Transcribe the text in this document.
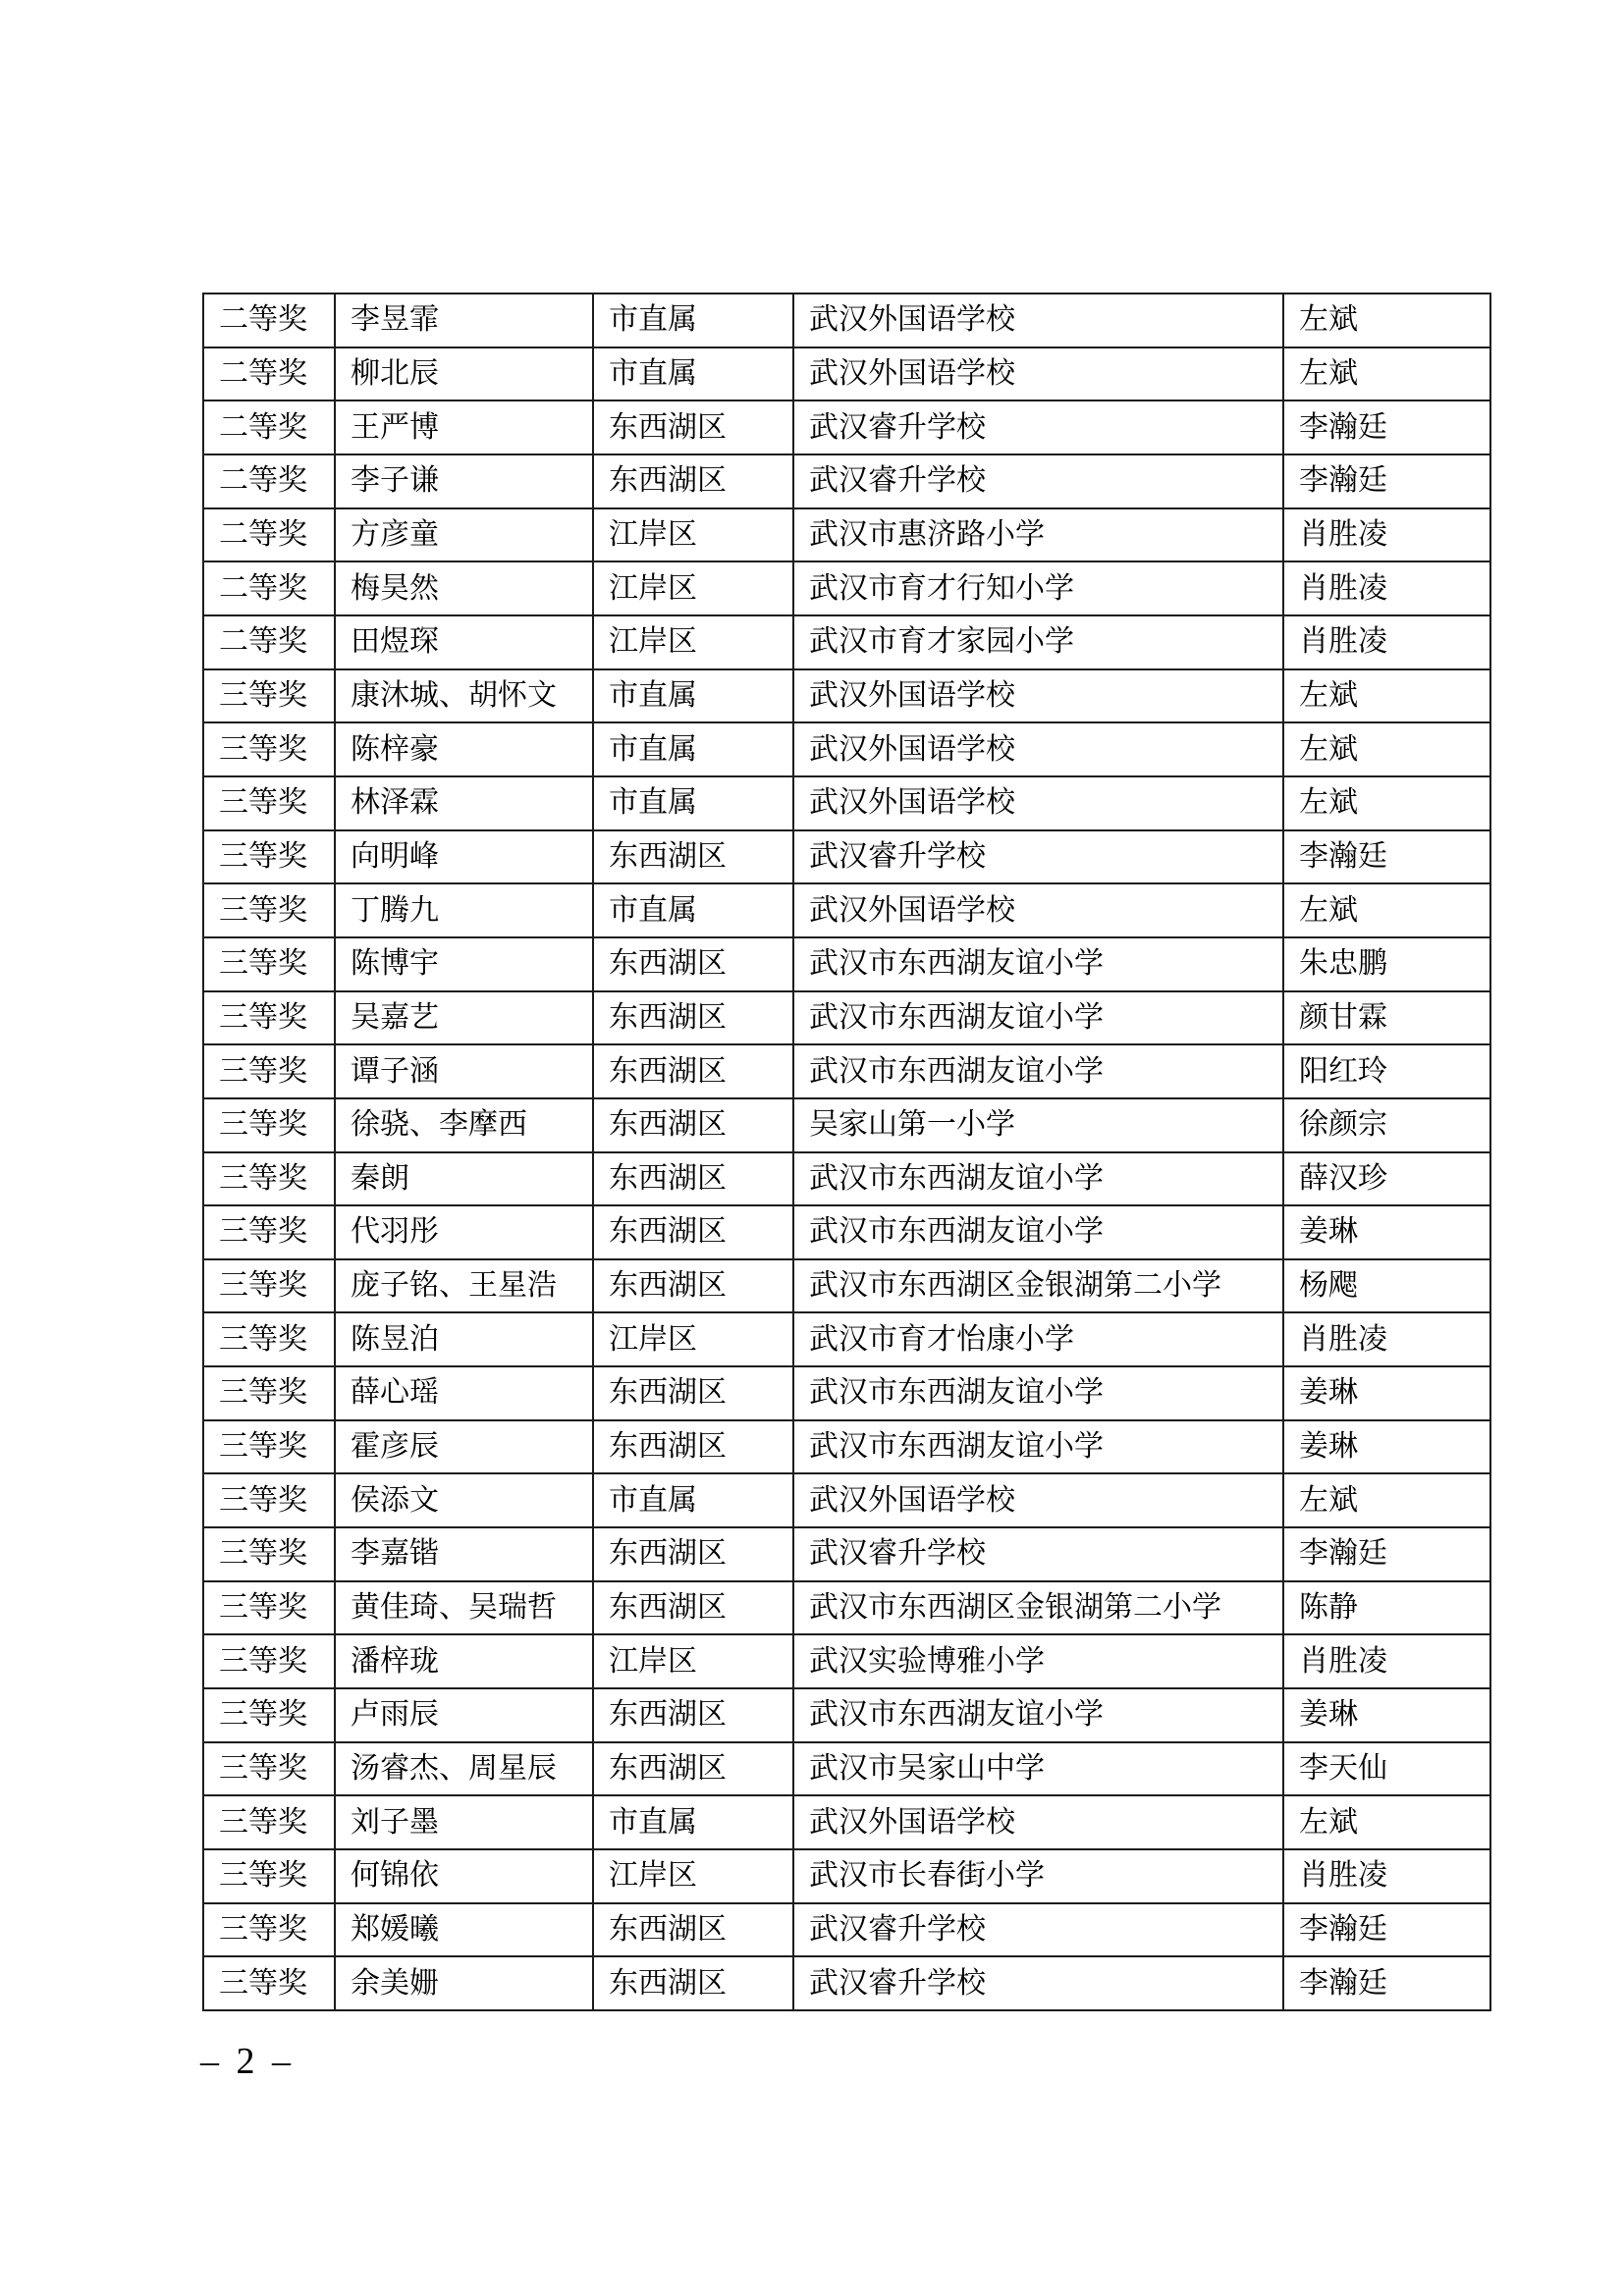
二等奖	李昱霏	市直属	武汉外国语学校	左斌
二等奖	柳北辰	市直属	武汉外国语学校	左斌
二等奖	王严博	东西湖区	武汉睿升学校	李瀚廷
二等奖	李子谦	东西湖区	武汉睿升学校	李瀚廷
二等奖	方彦童	江岸区	武汉市惠济路小学	肖胜凌
二等奖	梅昊然	江岸区	武汉市育才行知小学	肖胜凌
二等奖	田煜琛	江岸区	武汉市育才家园小学	肖胜凌
三等奖	康沐城、胡怀文	市直属	武汉外国语学校	左斌
三等奖	陈梓豪	市直属	武汉外国语学校	左斌
三等奖	林泽霖	市直属	武汉外国语学校	左斌
三等奖	向明峰	东西湖区	武汉睿升学校	李瀚廷
三等奖	丁腾九	市直属	武汉外国语学校	左斌
三等奖	陈博宇	东西湖区	武汉市东西湖友谊小学	朱忠鹏
三等奖	吴嘉艺	东西湖区	武汉市东西湖友谊小学	颜甘霖
三等奖	谭子涵	东西湖区	武汉市东西湖友谊小学	阳红玲
三等奖	徐骁、李摩西	东西湖区	吴家山第一小学	徐颜宗
三等奖	秦朗	东西湖区	武汉市东西湖友谊小学	薛汉珍
三等奖	代羽彤	东西湖区	武汉市东西湖友谊小学	姜琳
三等奖	庞子铭、王星浩	东西湖区	武汉市东西湖区金银湖第二小学	杨飔
三等奖	陈昱泊	江岸区	武汉市育才怡康小学	肖胜凌
三等奖	薛心瑶	东西湖区	武汉市东西湖友谊小学	姜琳
三等奖	霍彦辰	东西湖区	武汉市东西湖友谊小学	姜琳
三等奖	侯添文	市直属	武汉外国语学校	左斌
三等奖	李嘉锴	东西湖区	武汉睿升学校	李瀚廷
三等奖	黄佳琦、吴瑞哲	东西湖区	武汉市东西湖区金银湖第二小学	陈静
三等奖	潘梓珑	江岸区	武汉实验博雅小学	肖胜凌
三等奖	卢雨辰	东西湖区	武汉市东西湖友谊小学	姜琳
三等奖	汤睿杰、周星辰	东西湖区	武汉市吴家山中学	李天仙
三等奖	刘子墨	市直属	武汉外国语学校	左斌
三等奖	何锦依	江岸区	武汉市长春街小学	肖胜凌
三等奖	郑媛曦	东西湖区	武汉睿升学校	李瀚廷
三等奖	余美姗	东西湖区	武汉睿升学校	李瀚廷
– 2 –
